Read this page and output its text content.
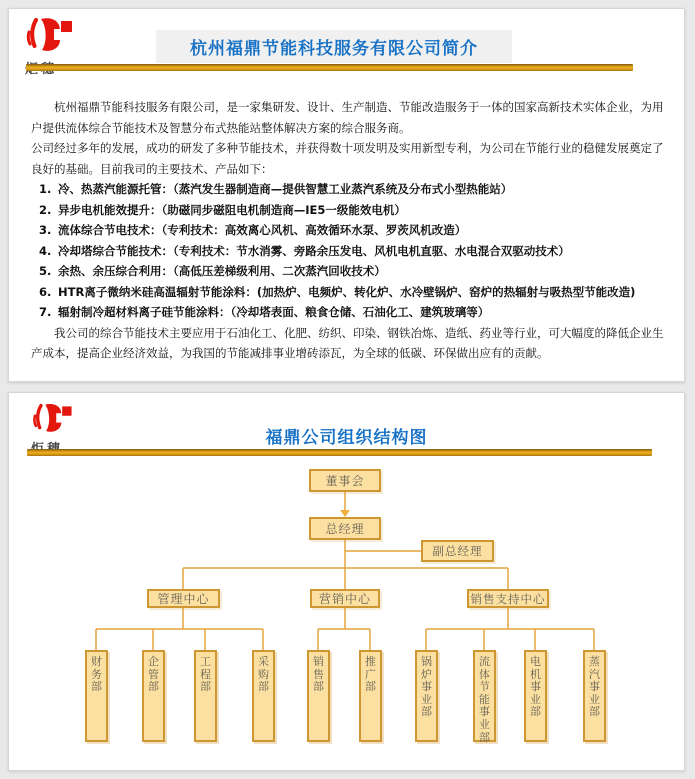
杭州福鼎节能科技服务有限公司简介

杭州福鼎节能科技服务有限公司，是一家集研发、设计、生产制造、节能改造服务于一体的国家高新技术实体企业，为用户提供流体综合节能技术及智慧分布式热能站整体解决方案的综合服务商。

公司经过多年的发展，成功的研发了多种节能技术，并获得数十项发明及实用新型专利，为公司在节能行业的稳健发展奠定了良好的基础。目前我司的主要技术、产品如下：

1. 冷、热蒸汽能源托管：（蒸汽发生器制造商—提供智慧工业蒸汽系统及分布式小型热能站）
2. 异步电机能效提升：（助磁同步磁阻电机制造商—IE5一级能效电机）
3. 流体综合节电技术：（专利技术：高效离心风机、高效循环水泵、罗茨风机改造）
4. 冷却塔综合节能技术：（专利技术：节水消雾、旁路余压发电、风机电机直驱、水电混合双驱动技术）
5. 余热、余压综合利用：（高低压差梯级利用、二次蒸汽回收技术）
6. HTR离子微纳米硅高温辐射节能涂料：(加热炉、电频炉、转化炉、水冷壁锅炉、窑炉的热辐射与吸热型节能改造)
7. 辐射制冷超材料离子硅节能涂料：（冷却塔表面、粮食仓储、石油化工、建筑玻璃等）

我公司的综合节能技术主要应用于石油化工、化肥、纺织、印染、钢铁冶炼、造纸、药业等行业，可大幅度的降低企业生产成本，提高企业经济效益，为我国的节能减排事业增砖添瓦，为全球的低碳、环保做出应有的贡献。

福鼎公司组织结构图
董事会
总经理
副总经理
管理中心	营销中心	销售支持中心
财务部
企管部
工程部
采购部
销售部
推广部
锅炉事业部
流体节能事业部
电机事业部
蒸汽事业部
